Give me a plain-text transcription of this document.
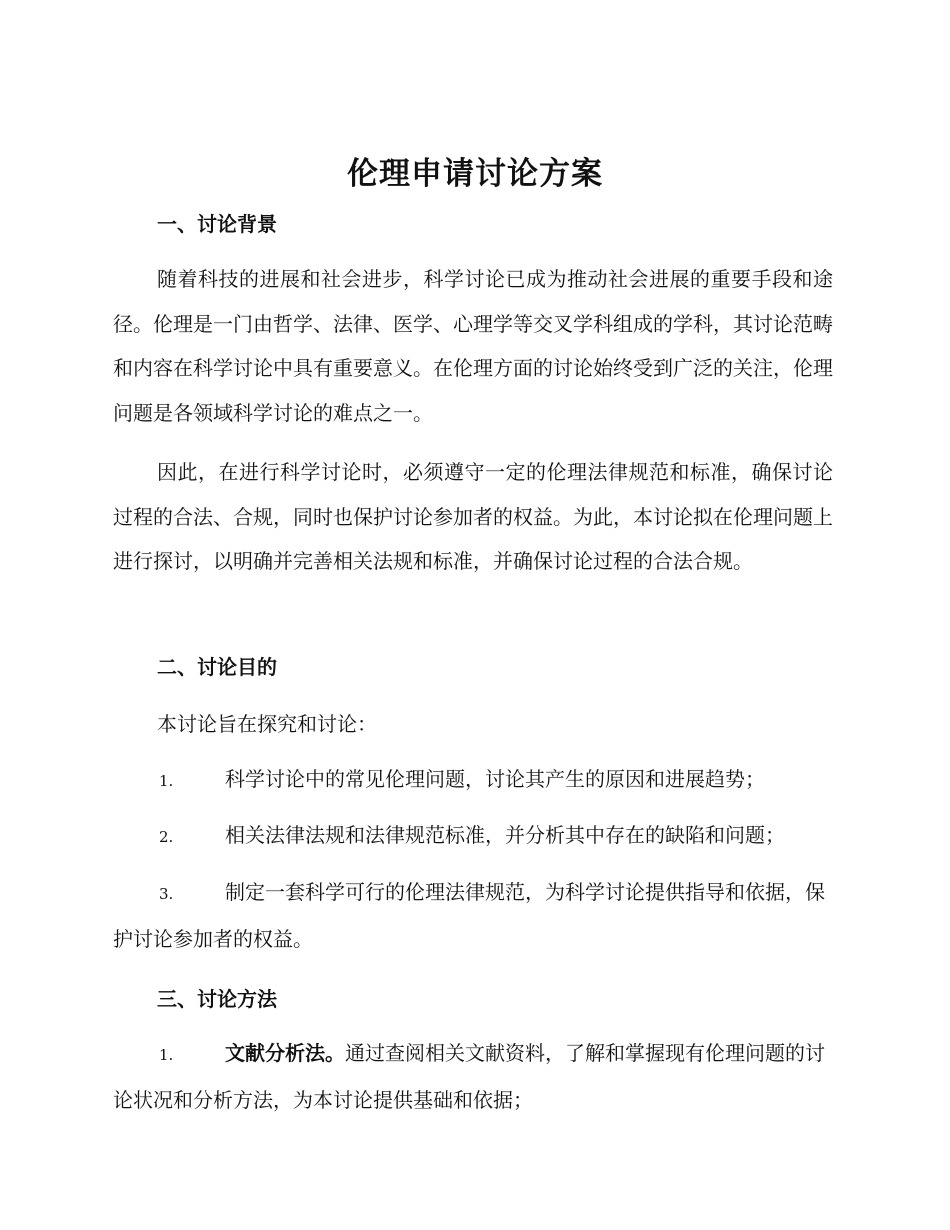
伦理申请讨论方案
一、讨论背景
随着科技的进展和社会进步，科学讨论已成为推动社会进展的重要手段和途径。伦理是一门由哲学、法律、医学、心理学等交叉学科组成的学科，其讨论范畴和内容在科学讨论中具有重要意义。在伦理方面的讨论始终受到广泛的关注，伦理问题是各领域科学讨论的难点之一。
因此，在进行科学讨论时，必须遵守一定的伦理法律规范和标准，确保讨论过程的合法、合规，同时也保护讨论参加者的权益。为此，本讨论拟在伦理问题上进行探讨，以明确并完善相关法规和标准，并确保讨论过程的合法合规。
二、讨论目的
本讨论旨在探究和讨论：
1.	科学讨论中的常见伦理问题，讨论其产生的原因和进展趋势；
2.	相关法律法规和法律规范标准，并分析其中存在的缺陷和问题；
3.	制定一套科学可行的伦理法律规范，为科学讨论提供指导和依据，保护讨论参加者的权益。
三、讨论方法
1.	文献分析法。通过查阅相关文献资料，了解和掌握现有伦理问题的讨论状况和分析方法，为本讨论提供基础和依据；
